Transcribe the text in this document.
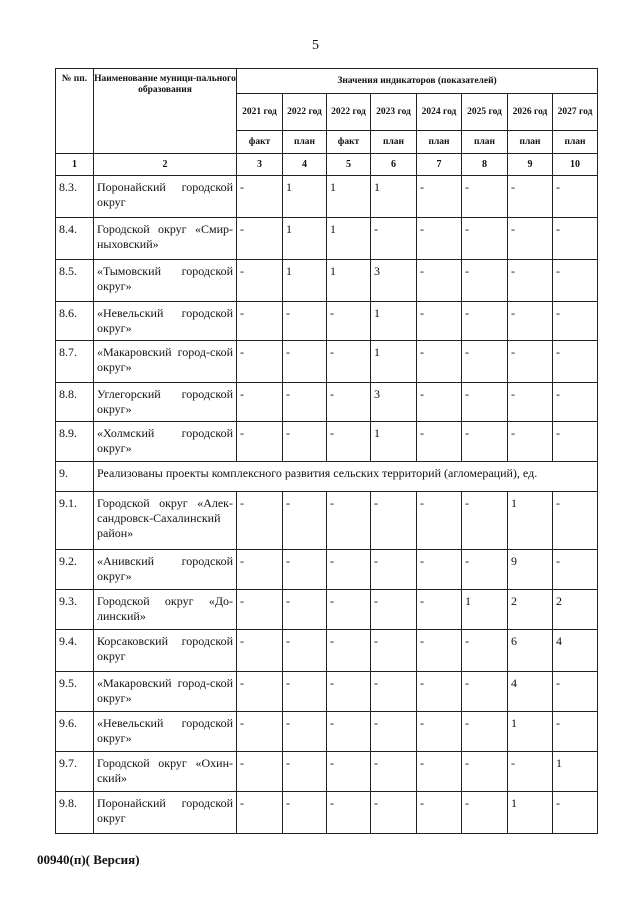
5
№ пп.	Наименование муници-пального образования	Значения индикаторов (показателей)							
		2021 год	2022 год	2022 год	2023 год	2024 год	2025 год	2026 год	2027 год
		факт	план	факт	план	план	план	план	план
1	2	3	4	5	6	7	8	9	10
8.3.	Поронайский городской округ	-	1	1	1	-	-	-	-
8.4.	Городской округ «Смир-ныховский»	-	1	1	-	-	-	-	-
8.5.	«Тымовский городской округ»	-	1	1	3	-	-	-	-
8.6.	«Невельский городской округ»	-	-	-	1	-	-	-	-
8.7.	«Макаровский город-ской округ»	-	-	-	1	-	-	-	-
8.8.	Углегорский городской округ»	-	-	-	3	-	-	-	-
8.9.	«Холмский городской округ»	-	-	-	1	-	-	-	-
9.	Реализованы проекты комплексного развития сельских территорий (агломераций), ед.								
9.1.	Городской округ «Алек-сандровск-Сахалинский район»	-	-	-	-	-	-	1	-
9.2.	«Анивский городской округ»	-	-	-	-	-	-	9	-
9.3.	Городской округ «До-линский»	-	-	-	-	-	1	2	2
9.4.	Корсаковский городской округ	-	-	-	-	-	-	6	4
9.5.	«Макаровский город-ской округ»	-	-	-	-	-	-	4	-
9.6.	«Невельский городской округ»	-	-	-	-	-	-	1	-
9.7.	Городской округ «Охин-ский»	-	-	-	-	-	-	-	1
9.8.	Поронайский городской округ	-	-	-	-	-	-	1	-
00940(п)( Версия)
